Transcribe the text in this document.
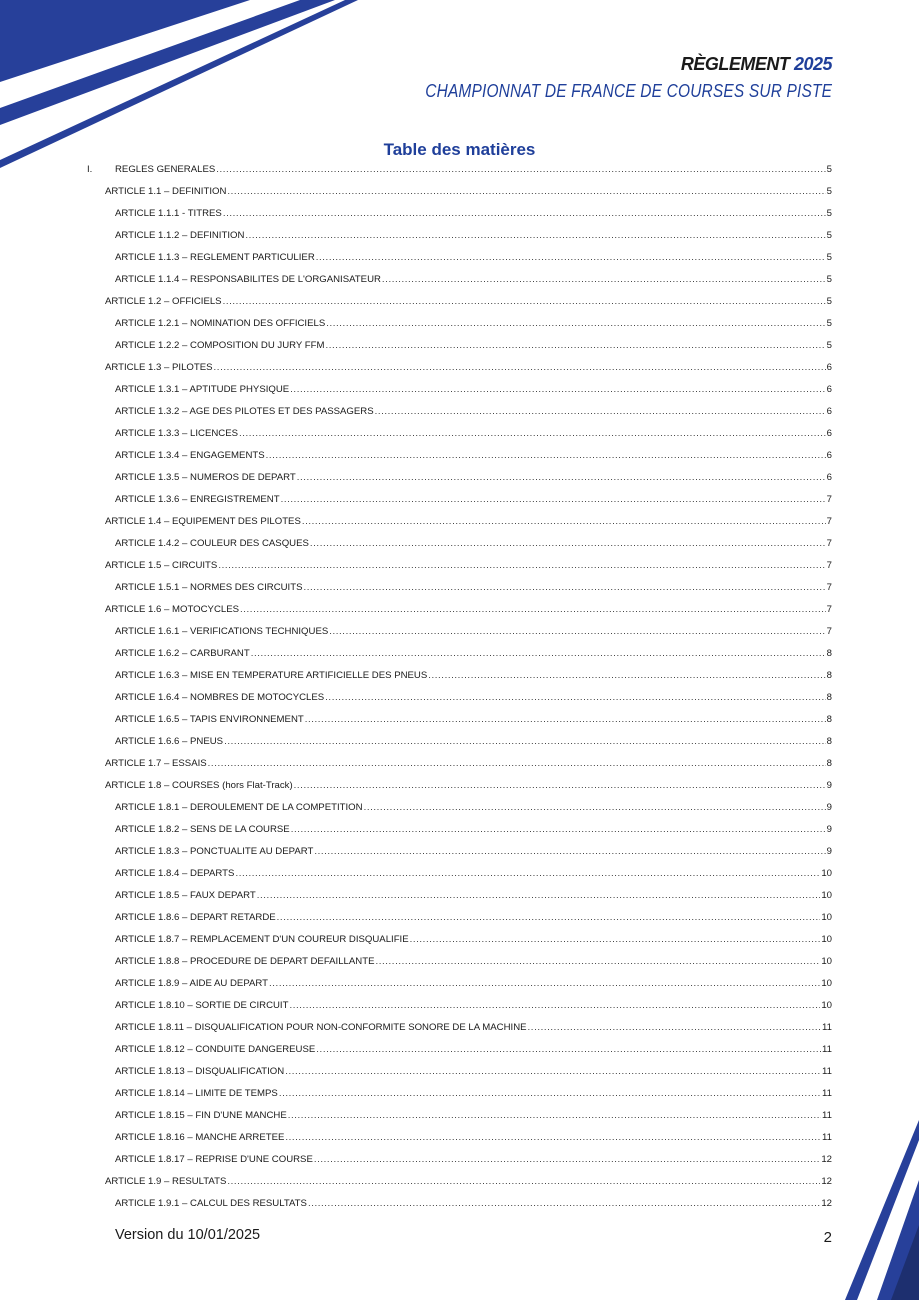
RÈGLEMENT 2025
CHAMPIONNAT DE FRANCE DE COURSES SUR PISTE
Table des matières
I.	REGLES GENERALES .....	5
ARTICLE 1.1 – DEFINITION .....	5
ARTICLE 1.1.1 - TITRES .....	5
ARTICLE 1.1.2 – DEFINITION .....	5
ARTICLE 1.1.3 – REGLEMENT PARTICULIER .....	5
ARTICLE 1.1.4 – RESPONSABILITES DE L'ORGANISATEUR .....	5
ARTICLE 1.2 – OFFICIELS .....	5
ARTICLE 1.2.1 – NOMINATION DES OFFICIELS .....	5
ARTICLE 1.2.2 – COMPOSITION DU JURY FFM .....	5
ARTICLE 1.3 – PILOTES .....	6
ARTICLE 1.3.1 – APTITUDE PHYSIQUE .....	6
ARTICLE 1.3.2 – AGE DES PILOTES ET DES PASSAGERS .....	6
ARTICLE 1.3.3 – LICENCES .....	6
ARTICLE 1.3.4 – ENGAGEMENTS .....	6
ARTICLE 1.3.5 – NUMEROS DE DEPART .....	6
ARTICLE 1.3.6 – ENREGISTREMENT .....	7
ARTICLE 1.4 – EQUIPEMENT DES PILOTES .....	7
ARTICLE 1.4.2 – COULEUR DES CASQUES .....	7
ARTICLE 1.5 – CIRCUITS .....	7
ARTICLE 1.5.1 – NORMES DES CIRCUITS .....	7
ARTICLE 1.6 – MOTOCYCLES .....	7
ARTICLE 1.6.1 – VERIFICATIONS TECHNIQUES .....	7
ARTICLE 1.6.2 – CARBURANT .....	8
ARTICLE 1.6.3 – MISE EN TEMPERATURE ARTIFICIELLE DES PNEUS .....	8
ARTICLE 1.6.4 – NOMBRES DE MOTOCYCLES .....	8
ARTICLE 1.6.5 – TAPIS ENVIRONNEMENT .....	8
ARTICLE 1.6.6 – PNEUS .....	8
ARTICLE 1.7 – ESSAIS .....	8
ARTICLE 1.8 – COURSES (hors Flat-Track) .....	9
ARTICLE 1.8.1 – DEROULEMENT DE LA COMPETITION .....	9
ARTICLE 1.8.2 – SENS DE LA COURSE .....	9
ARTICLE 1.8.3 – PONCTUALITE AU DEPART .....	9
ARTICLE 1.8.4 – DEPARTS .....	10
ARTICLE 1.8.5 – FAUX DEPART .....	10
ARTICLE 1.8.6 – DEPART RETARDE .....	10
ARTICLE 1.8.7 – REMPLACEMENT D'UN COUREUR DISQUALIFIE .....	10
ARTICLE 1.8.8 – PROCEDURE DE DEPART DEFAILLANTE .....	10
ARTICLE 1.8.9 – AIDE AU DEPART .....	10
ARTICLE 1.8.10 – SORTIE DE CIRCUIT .....	10
ARTICLE 1.8.11 – DISQUALIFICATION POUR NON-CONFORMITE SONORE DE LA MACHINE .....	11
ARTICLE 1.8.12 – CONDUITE DANGEREUSE .....	11
ARTICLE 1.8.13 – DISQUALIFICATION .....	11
ARTICLE 1.8.14 – LIMITE DE TEMPS .....	11
ARTICLE 1.8.15 – FIN D'UNE MANCHE .....	11
ARTICLE 1.8.16 – MANCHE ARRETEE .....	11
ARTICLE 1.8.17 – REPRISE D'UNE COURSE .....	12
ARTICLE 1.9 – RESULTATS .....	12
ARTICLE 1.9.1 – CALCUL DES RESULTATS .....	12
Version du 10/01/2025	2
